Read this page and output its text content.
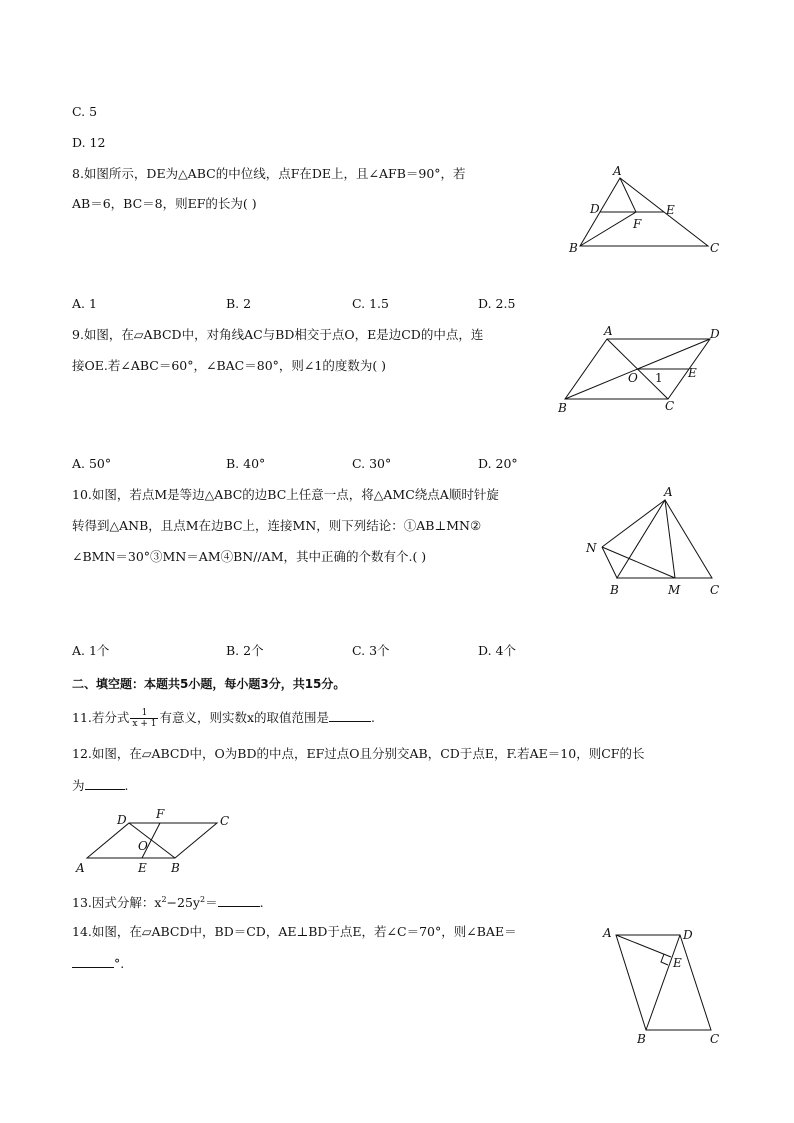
C. 5
D. 12
8.如图所示，DE为△ABC的中位线，点F在DE上，且∠AFB＝90°，若
AB＝6，BC＝8，则EF的长为( )
A
D	E
F
B	C
A. 1	B. 2	C. 1.5	D. 2.5
9.如图，在▱ABCD中，对角线AC与BD相交于点O，E是边CD的中点，连
接OE.若∠ABC＝60°，∠BAC＝80°，则∠1的度数为( )
A	D
O 1 E
B	C
A. 50°	B. 40°	C. 30°	D. 20°
10.如图，若点M是等边△ABC的边BC上任意一点，将△AMC绕点A顺时针旋
转得到△ANB，且点M在边BC上，连接MN，则下列结论：①AB⊥MN②
∠BMN＝30°③MN＝AM④BN//AM，其中正确的个数有个.( )
A
N
B	M C
A. 1个	B. 2个	C. 3个	D. 4个
二、填空题：本题共5小题，每小题3分，共15分。
11.若分式 $\frac{1}{x + 1}$ 有意义，则实数x的取值范围是	.
12.如图，在▱ABCD中，O为BD的中点，EF过点O且分别交AB，CD于点E，F.若AE＝10，则CF的长
为	.
D F	C
O
A	E B
13.因式分解：$x^2-25y^2=$	.
14.如图，在▱ABCD中，BD＝CD，AE⊥BD于点E，若∠C＝70°，则∠BAE＝
°.
A	D
E
B	C
